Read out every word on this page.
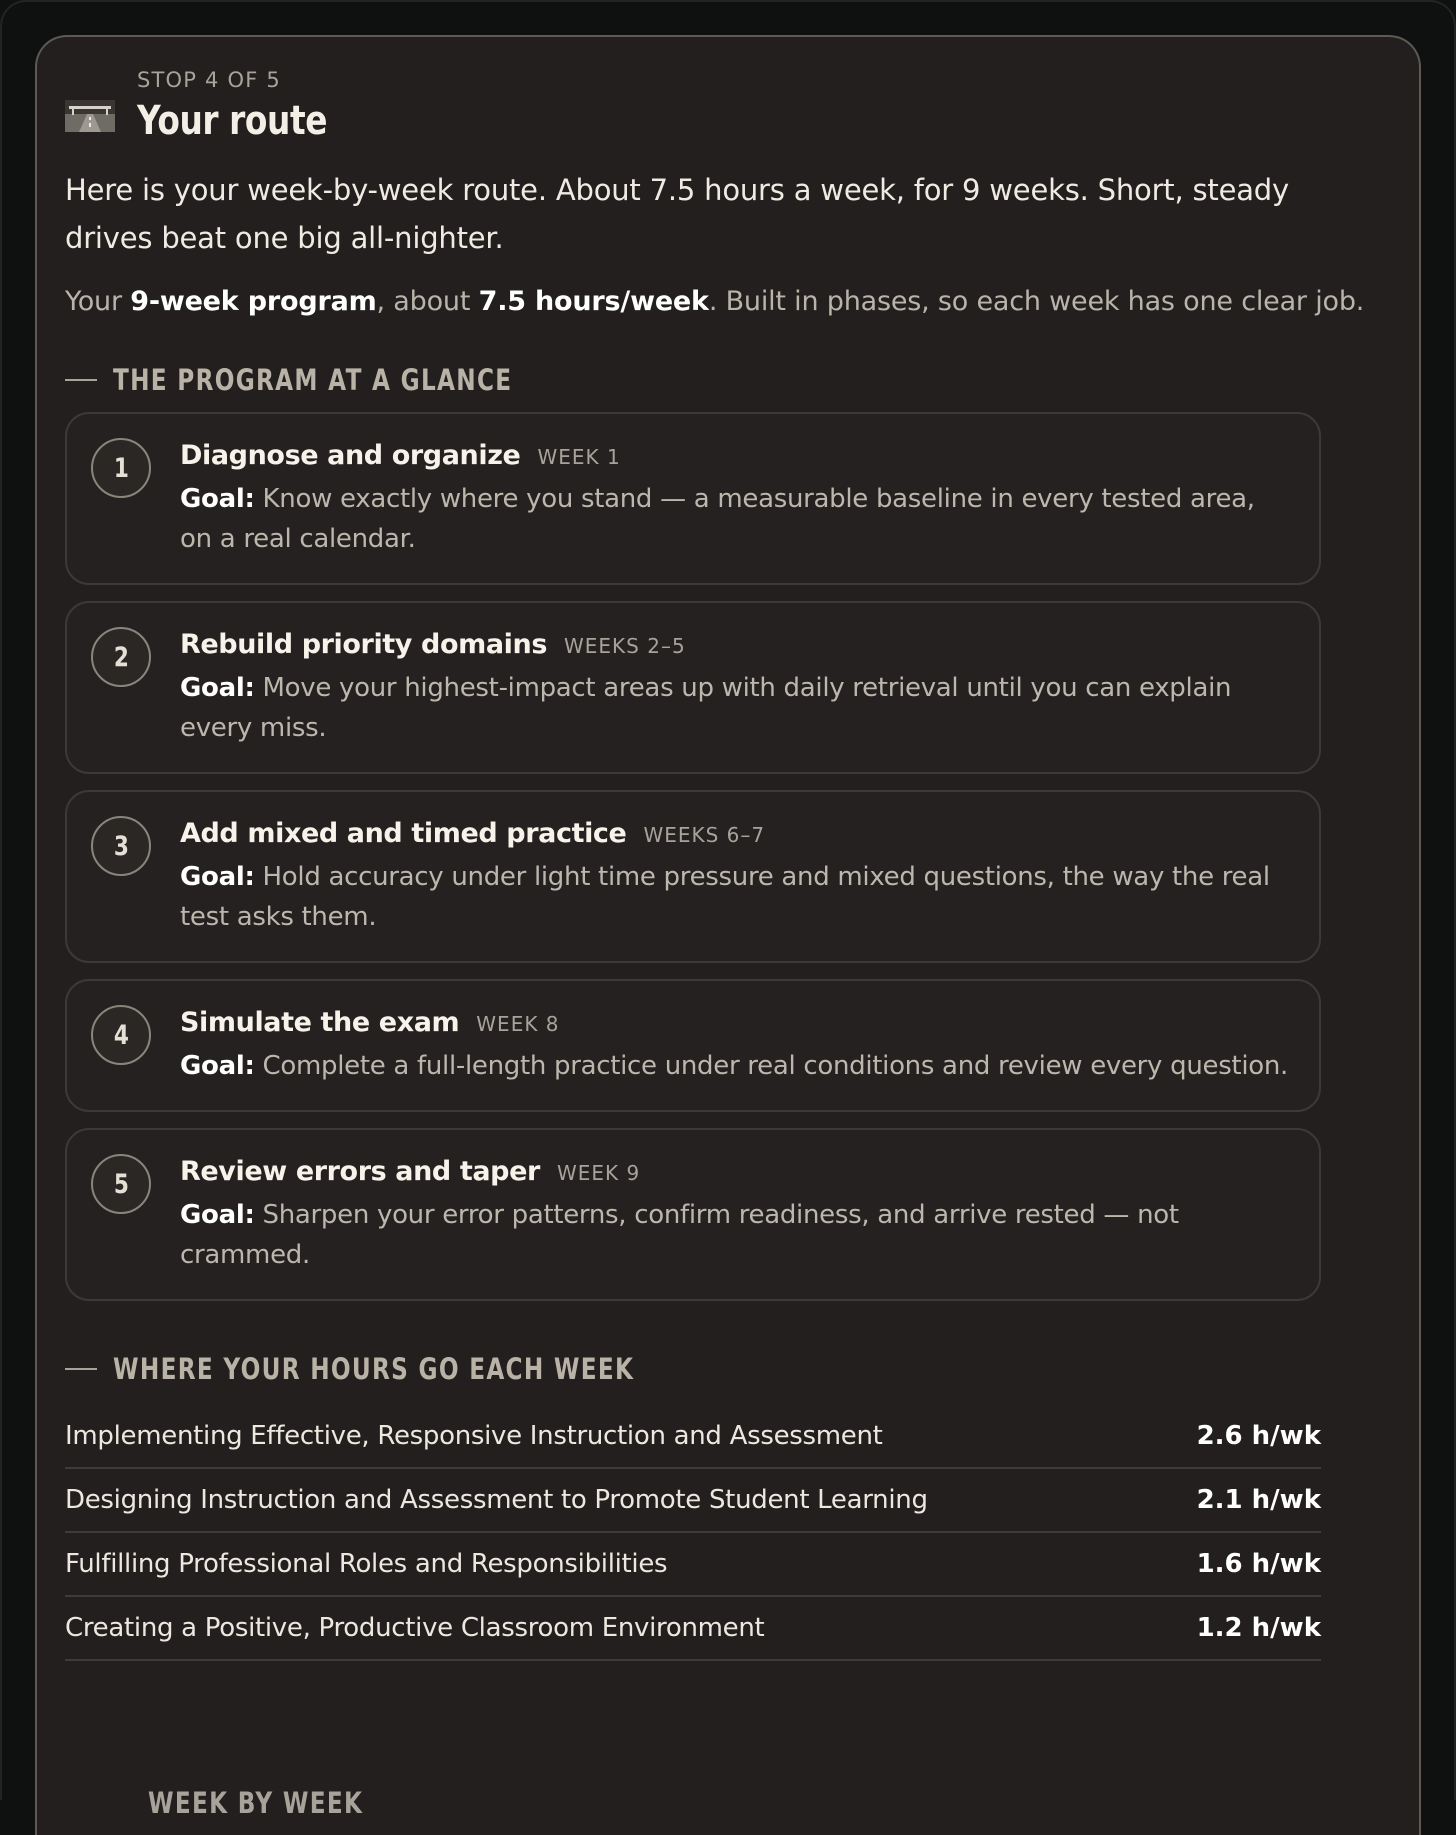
STOP 4 OF 5
Your route
Here is your week-by-week route. About 7.5 hours a week, for 9 weeks. Short, steady drives beat one big all-nighter.
Your 9-week program, about 7.5 hours/week. Built in phases, so each week has one clear job.
THE PROGRAM AT A GLANCE
1 Diagnose and organize WEEK 1
Goal: Know exactly where you stand — a measurable baseline in every tested area, on a real calendar.
2 Rebuild priority domains WEEKS 2–5
Goal: Move your highest-impact areas up with daily retrieval until you can explain every miss.
3 Add mixed and timed practice WEEKS 6–7
Goal: Hold accuracy under light time pressure and mixed questions, the way the real test asks them.
4 Simulate the exam WEEK 8
Goal: Complete a full-length practice under real conditions and review every question.
5 Review errors and taper WEEK 9
Goal: Sharpen your error patterns, confirm readiness, and arrive rested — not crammed.
WHERE YOUR HOURS GO EACH WEEK
Implementing Effective, Responsive Instruction and Assessment	2.6 h/wk
Designing Instruction and Assessment to Promote Student Learning	2.1 h/wk
Fulfilling Professional Roles and Responsibilities	1.6 h/wk
Creating a Positive, Productive Classroom Environment	1.2 h/wk
WEEK BY WEEK
